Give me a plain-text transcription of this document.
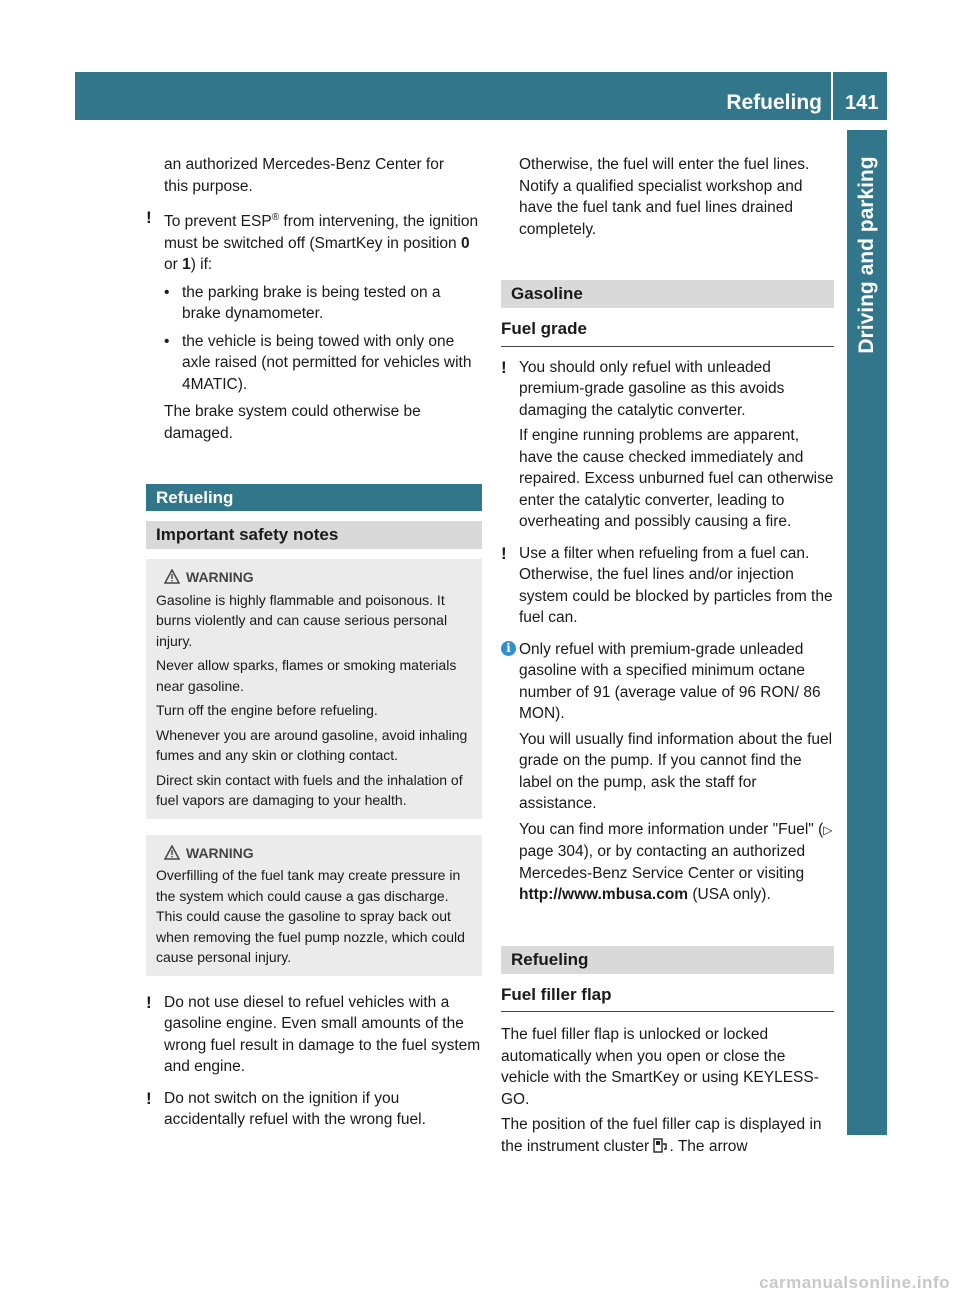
Refueling 141
Driving and parking

an authorized Mercedes-Benz Center for

this purpose.

! To prevent ESP® from intervening, the ignition must be switched off (SmartKey in position 0 or 1) if:

• the parking brake is being tested on a brake dynamometer.

• the vehicle is being towed with only one axle raised (not permitted for vehicles with 4MATIC).

The brake system could otherwise be damaged.

Refueling
Important safety notes
WARNING

Gasoline is highly flammable and poisonous. It burns violently and can cause serious personal injury.

Never allow sparks, flames or smoking materials near gasoline.

Turn off the engine before refueling.

Whenever you are around gasoline, avoid inhaling fumes and any skin or clothing contact.

Direct skin contact with fuels and the inhalation of fuel vapors are damaging to your health.

WARNING

Overfilling of the fuel tank may create pressure in the system which could cause a gas discharge. This could cause the gasoline to spray back out when removing the fuel pump nozzle, which could cause personal injury.

! Do not use diesel to refuel vehicles with a gasoline engine. Even small amounts of the wrong fuel result in damage to the fuel system and engine.

! Do not switch on the ignition if you accidentally refuel with the wrong fuel.

Otherwise, the fuel will enter the fuel lines. Notify a qualified specialist workshop and have the fuel tank and fuel lines drained completely.

Gasoline

Fuel grade

! You should only refuel with unleaded premium-grade gasoline as this avoids damaging the catalytic converter.

If engine running problems are apparent, have the cause checked immediately and repaired. Excess unburned fuel can otherwise enter the catalytic converter, leading to overheating and possibly causing a fire.

! Use a filter when refueling from a fuel can. Otherwise, the fuel lines and/or injection system could be blocked by particles from the fuel can.

i Only refuel with premium-grade unleaded gasoline with a specified minimum octane number of 91 (average value of 96 RON/ 86 MON).

You will usually find information about the fuel grade on the pump. If you cannot find the label on the pump, ask the staff for assistance.

You can find more information under "Fuel" (▷ page 304), or by contacting an authorized Mercedes-Benz Service Center or visiting http://www.mbusa.com (USA only).

Refueling

Fuel filler flap

The fuel filler flap is unlocked or locked automatically when you open or close the vehicle with the SmartKey or using KEYLESS-GO.

The position of the fuel filler cap is displayed in the instrument cluster . The arrow

carmanualsonline.info
